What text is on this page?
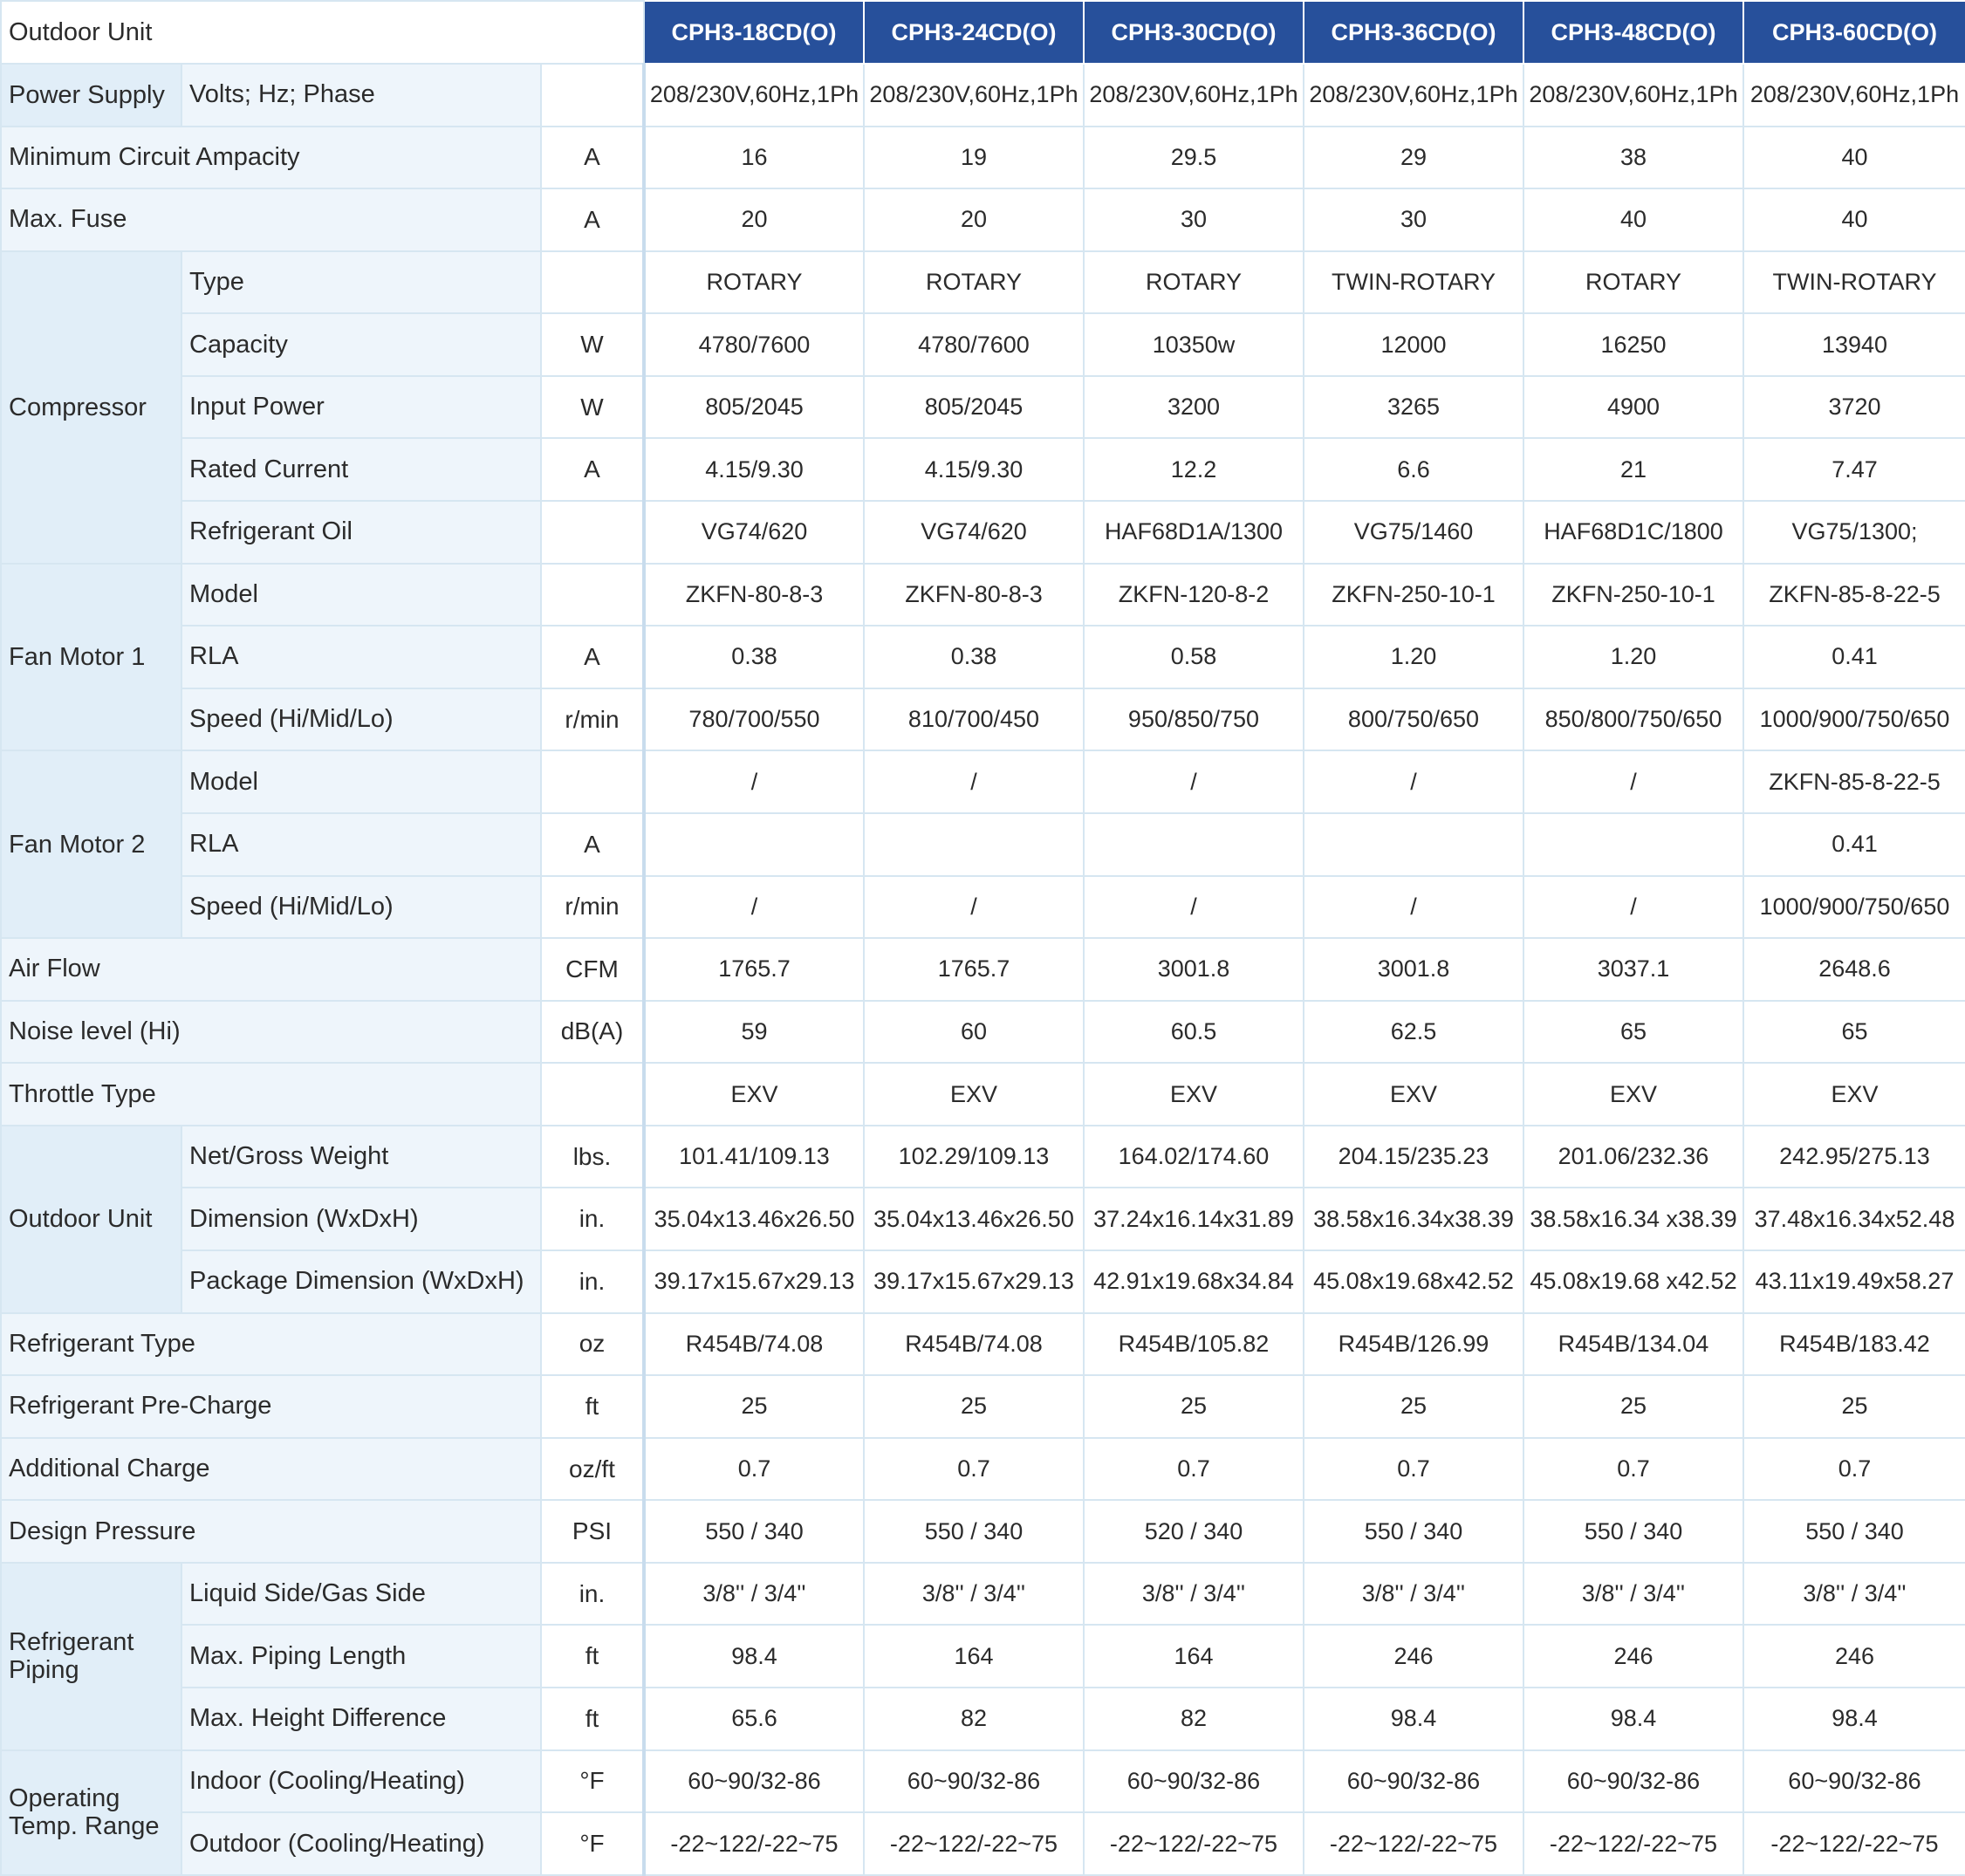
Outdoor Unit			CPH3-18CD(O)	CPH3-24CD(O)	CPH3-30CD(O)	CPH3-36CD(O)	CPH3-48CD(O)	CPH3-60CD(O)
Power Supply	Volts; Hz; Phase		208/230V,60Hz,1Ph	208/230V,60Hz,1Ph	208/230V,60Hz,1Ph	208/230V,60Hz,1Ph	208/230V,60Hz,1Ph	208/230V,60Hz,1Ph
Minimum Circuit Ampacity		A	16	19	29.5	29	38	40
Max. Fuse		A	20	20	30	30	40	40
Compressor	Type		ROTARY	ROTARY	ROTARY	TWIN-ROTARY	ROTARY	TWIN-ROTARY
	Capacity	W	4780/7600	4780/7600	10350w	12000	16250	13940
	Input Power	W	805/2045	805/2045	3200	3265	4900	3720
	Rated Current	A	4.15/9.30	4.15/9.30	12.2	6.6	21	7.47
	Refrigerant Oil		VG74/620	VG74/620	HAF68D1A/1300	VG75/1460	HAF68D1C/1800	VG75/1300;
Fan Motor 1	Model		ZKFN-80-8-3	ZKFN-80-8-3	ZKFN-120-8-2	ZKFN-250-10-1	ZKFN-250-10-1	ZKFN-85-8-22-5
	RLA	A	0.38	0.38	0.58	1.20	1.20	0.41
	Speed (Hi/Mid/Lo)	r/min	780/700/550	810/700/450	950/850/750	800/750/650	850/800/750/650	1000/900/750/650
Fan Motor 2	Model		/	/	/	/	/	ZKFN-85-8-22-5
	RLA	A						0.41
	Speed (Hi/Mid/Lo)	r/min	/	/	/	/	/	1000/900/750/650
Air Flow		CFM	1765.7	1765.7	3001.8	3001.8	3037.1	2648.6
Noise level (Hi)		dB(A)	59	60	60.5	62.5	65	65
Throttle Type			EXV	EXV	EXV	EXV	EXV	EXV
Outdoor Unit	Net/Gross Weight	lbs.	101.41/109.13	102.29/109.13	164.02/174.60	204.15/235.23	201.06/232.36	242.95/275.13
	Dimension (WxDxH)	in.	35.04x13.46x26.50	35.04x13.46x26.50	37.24x16.14x31.89	38.58x16.34x38.39	38.58x16.34 x38.39	37.48x16.34x52.48
	Package Dimension (WxDxH)	in.	39.17x15.67x29.13	39.17x15.67x29.13	42.91x19.68x34.84	45.08x19.68x42.52	45.08x19.68 x42.52	43.11x19.49x58.27
Refrigerant Type		oz	R454B/74.08	R454B/74.08	R454B/105.82	R454B/126.99	R454B/134.04	R454B/183.42
Refrigerant Pre-Charge		ft	25	25	25	25	25	25
Additional Charge		oz/ft	0.7	0.7	0.7	0.7	0.7	0.7
Design Pressure		PSI	550 / 340	550 / 340	520 / 340	550 / 340	550 / 340	550 / 340
Refrigerant Piping	Liquid Side/Gas Side	in.	3/8'' / 3/4''	3/8'' / 3/4''	3/8'' / 3/4''	3/8'' / 3/4''	3/8'' / 3/4''	3/8'' / 3/4''
	Max. Piping Length	ft	98.4	164	164	246	246	246
	Max. Height Difference	ft	65.6	82	82	98.4	98.4	98.4
Operating Temp. Range	Indoor (Cooling/Heating)	°F	60~90/32-86	60~90/32-86	60~90/32-86	60~90/32-86	60~90/32-86	60~90/32-86
	Outdoor (Cooling/Heating)	°F	-22~122/-22~75	-22~122/-22~75	-22~122/-22~75	-22~122/-22~75	-22~122/-22~75	-22~122/-22~75
